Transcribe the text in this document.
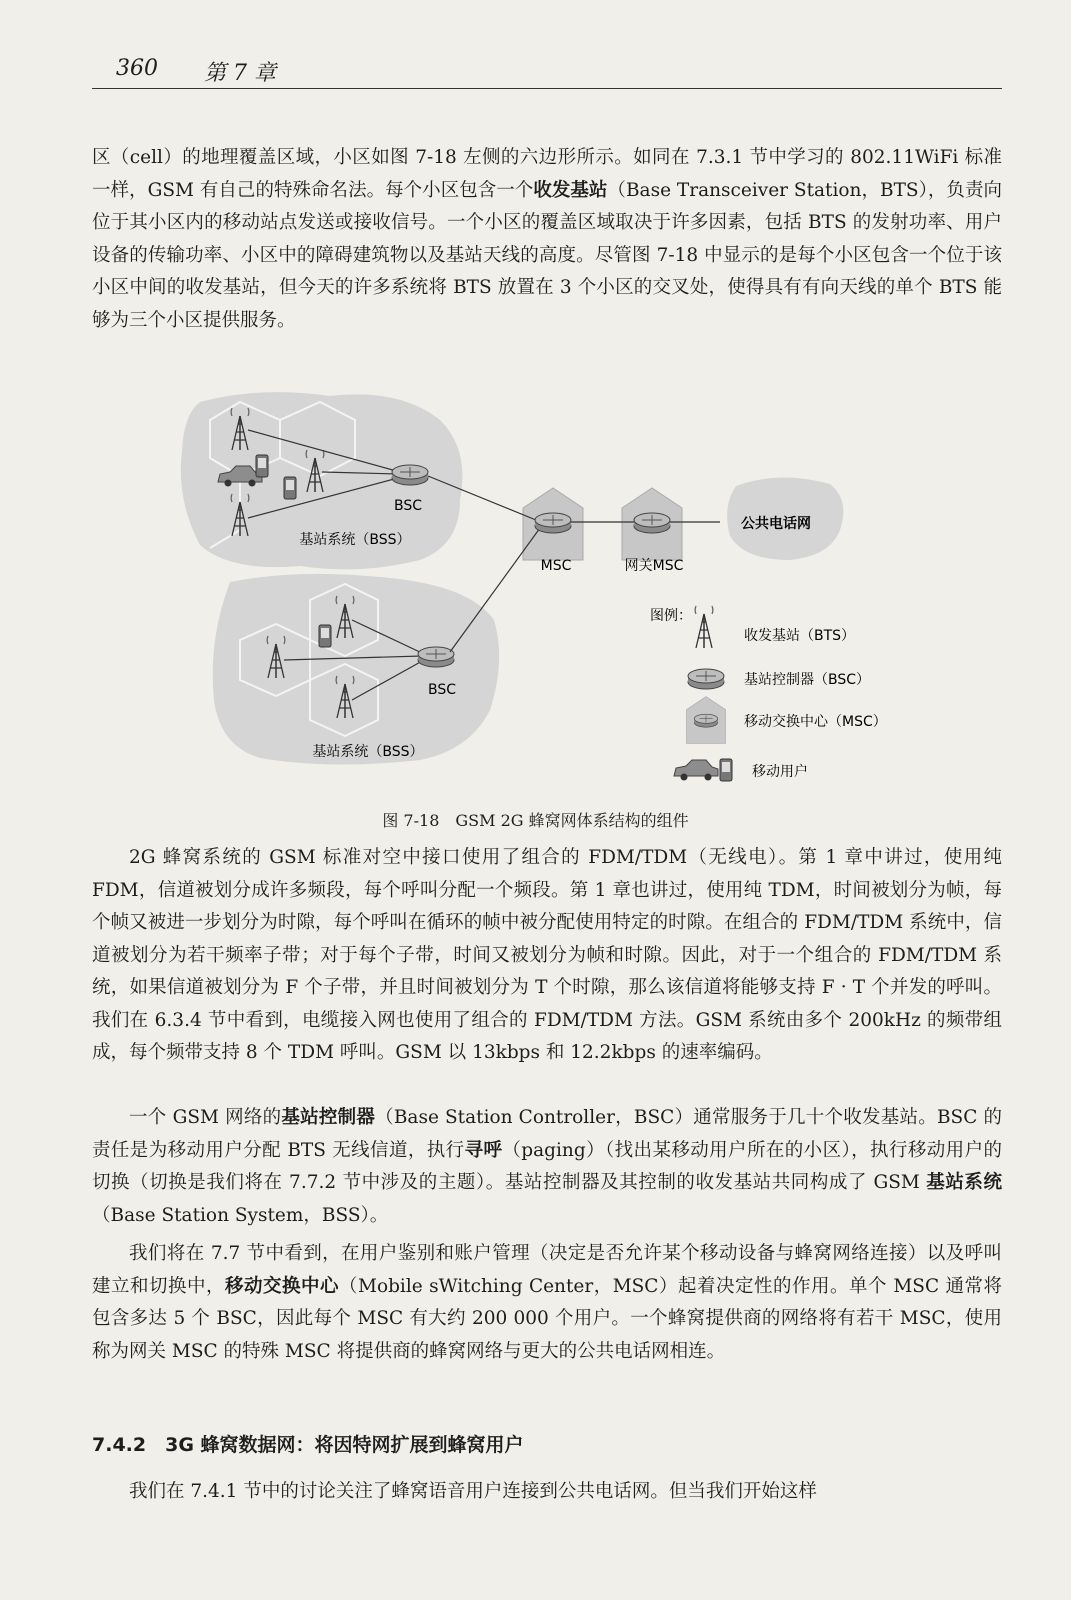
360 第 7 章

区（cell）的地理覆盖区域，小区如图 7-18 左侧的六边形所示。如同在 7.3.1 节中学习的 802.11WiFi 标准一样，GSM 有自己的特殊命名法。每个小区包含一个收发基站（Base Transceiver Station，BTS），负责向位于其小区内的移动站点发送或接收信号。一个小区的覆盖区域取决于许多因素，包括 BTS 的发射功率、用户设备的传输功率、小区中的障碍建筑物以及基站天线的高度。尽管图 7-18 中显示的是每个小区包含一个位于该小区中间的收发基站，但今天的许多系统将 BTS 放置在 3 个小区的交叉处，使得具有有向天线的单个 BTS 能够为三个小区提供服务。

BSC
基站系统（BSS）
BSC
基站系统（BSS）
MSC	网关MSC
公共电话网
图例：
收发基站（BTS）
基站控制器（BSC）
移动交换中心（MSC）
移动用户
图 7-18　GSM 2G 蜂窝网体系结构的组件

2G 蜂窝系统的 GSM 标准对空中接口使用了组合的 FDM/TDM（无线电）。第 1 章中讲过，使用纯 FDM，信道被划分成许多频段，每个呼叫分配一个频段。第 1 章也讲过，使用纯 TDM，时间被划分为帧，每个帧又被进一步划分为时隙，每个呼叫在循环的帧中被分配使用特定的时隙。在组合的 FDM/TDM 系统中，信道被划分为若干频率子带；对于每个子带，时间又被划分为帧和时隙。因此，对于一个组合的 FDM/TDM 系统，如果信道被划分为 F 个子带，并且时间被划分为 T 个时隙，那么该信道将能够支持 F · T 个并发的呼叫。我们在 6.3.4 节中看到，电缆接入网也使用了组合的 FDM/TDM 方法。GSM 系统由多个 200kHz 的频带组成，每个频带支持 8 个 TDM 呼叫。GSM 以 13kbps 和 12.2kbps 的速率编码。

一个 GSM 网络的基站控制器（Base Station Controller，BSC）通常服务于几十个收发基站。BSC 的责任是为移动用户分配 BTS 无线信道，执行寻呼（paging）（找出某移动用户所在的小区），执行移动用户的切换（切换是我们将在 7.7.2 节中涉及的主题）。基站控制器及其控制的收发基站共同构成了 GSM 基站系统（Base Station System，BSS）。

我们将在 7.7 节中看到，在用户鉴别和账户管理（决定是否允许某个移动设备与蜂窝网络连接）以及呼叫建立和切换中，移动交换中心（Mobile sWitching Center，MSC）起着决定性的作用。单个 MSC 通常将包含多达 5 个 BSC，因此每个 MSC 有大约 200 000 个用户。一个蜂窝提供商的网络将有若干 MSC，使用称为网关 MSC 的特殊 MSC 将提供商的蜂窝网络与更大的公共电话网相连。

7.4.2　3G 蜂窝数据网：将因特网扩展到蜂窝用户

我们在 7.4.1 节中的讨论关注了蜂窝语音用户连接到公共电话网。但当我们开始这样
